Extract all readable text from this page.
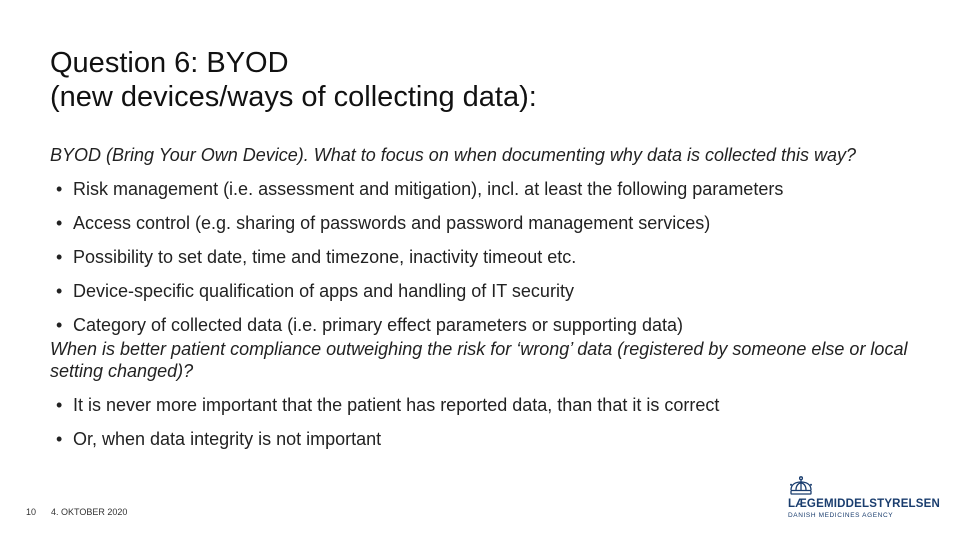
Question 6: BYOD
(new devices/ways of collecting data):

BYOD (Bring Your Own Device). What to focus on when documenting why data is collected this way?

• Risk management (i.e. assessment and mitigation), incl. at least the following parameters
• Access control (e.g. sharing of passwords and password management services)
• Possibility to set date, time and timezone, inactivity timeout etc.
• Device-specific qualification of apps and handling of IT security
• Category of collected data (i.e. primary effect parameters or supporting data)

When is better patient compliance outweighing the risk for ‘wrong’ data (registered by someone else or local setting changed)?

• It is never more important that the patient has reported data, than that it is correct
• Or, when data integrity is not important
10 4. OKTOBER 2020
LÆGEMIDDELSTYRELSEN
DANISH MEDICINES AGENCY
